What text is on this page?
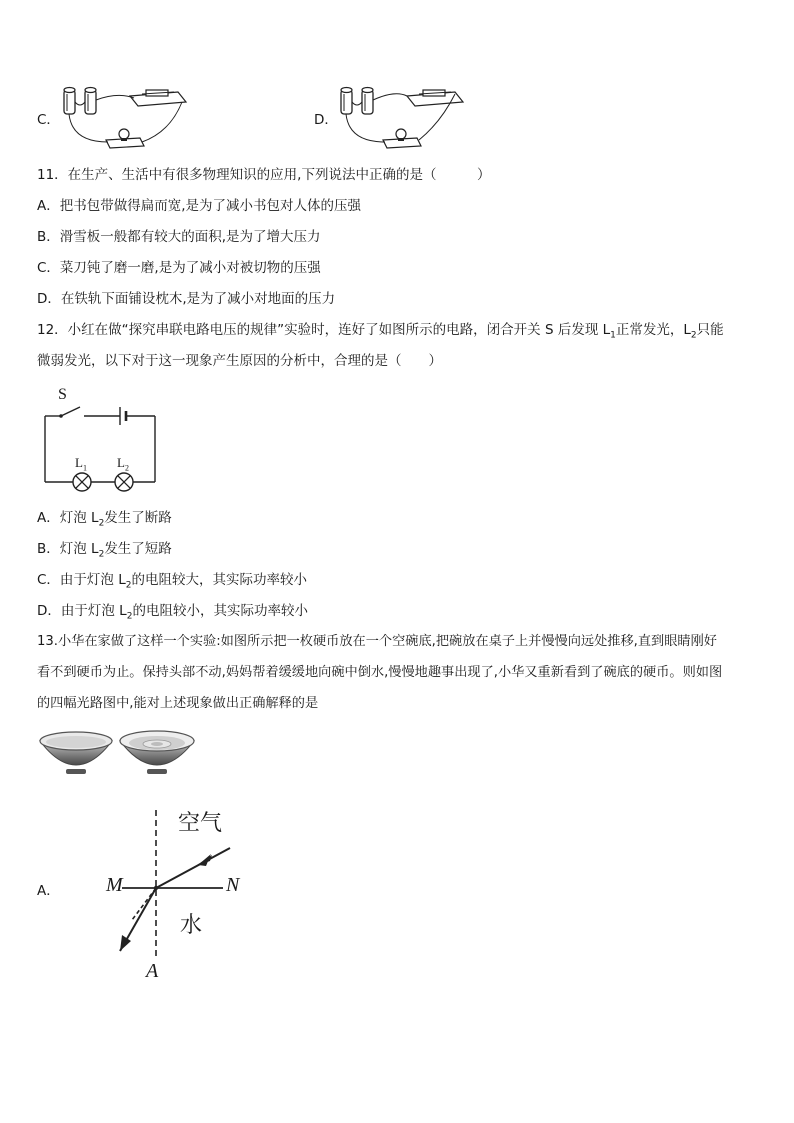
C．	D．
11．在生产、生活中有很多物理知识的应用,下列说法中正确的是（　　　）
A．把书包带做得扁而宽,是为了减小书包对人体的压强
B．滑雪板一般都有较大的面积,是为了增大压力
C．菜刀钝了磨一磨,是为了减小对被切物的压强
D．在铁轨下面铺设枕木,是为了减小对地面的压力
12．小红在做“探究串联电路电压的规律”实验时，连好了如图所示的电路，闭合开关 S 后发现 $L_1$正常发光，$L_2$只能
微弱发光，以下对于这一现象产生原因的分析中，合理的是（　　）
S
$L_1$ $L_2$
A．灯泡 $L_2$发生了断路
B．灯泡 $L_2$发生了短路
C．由于灯泡 $L_2$的电阻较大，其实际功率较小
D．由于灯泡 $L_2$的电阻较小，其实际功率较小
13.小华在家做了这样一个实验:如图所示把一枚硬币放在一个空碗底,把碗放在桌子上并慢慢向远处推移,直到眼睛刚好
看不到硬币为止。保持头部不动,妈妈帮着缓缓地向碗中倒水,慢慢地趣事出现了,小华又重新看到了碗底的硬币。则如图
的四幅光路图中,能对上述现象做出正确解释的是
A．
空气
水
M	N
A
